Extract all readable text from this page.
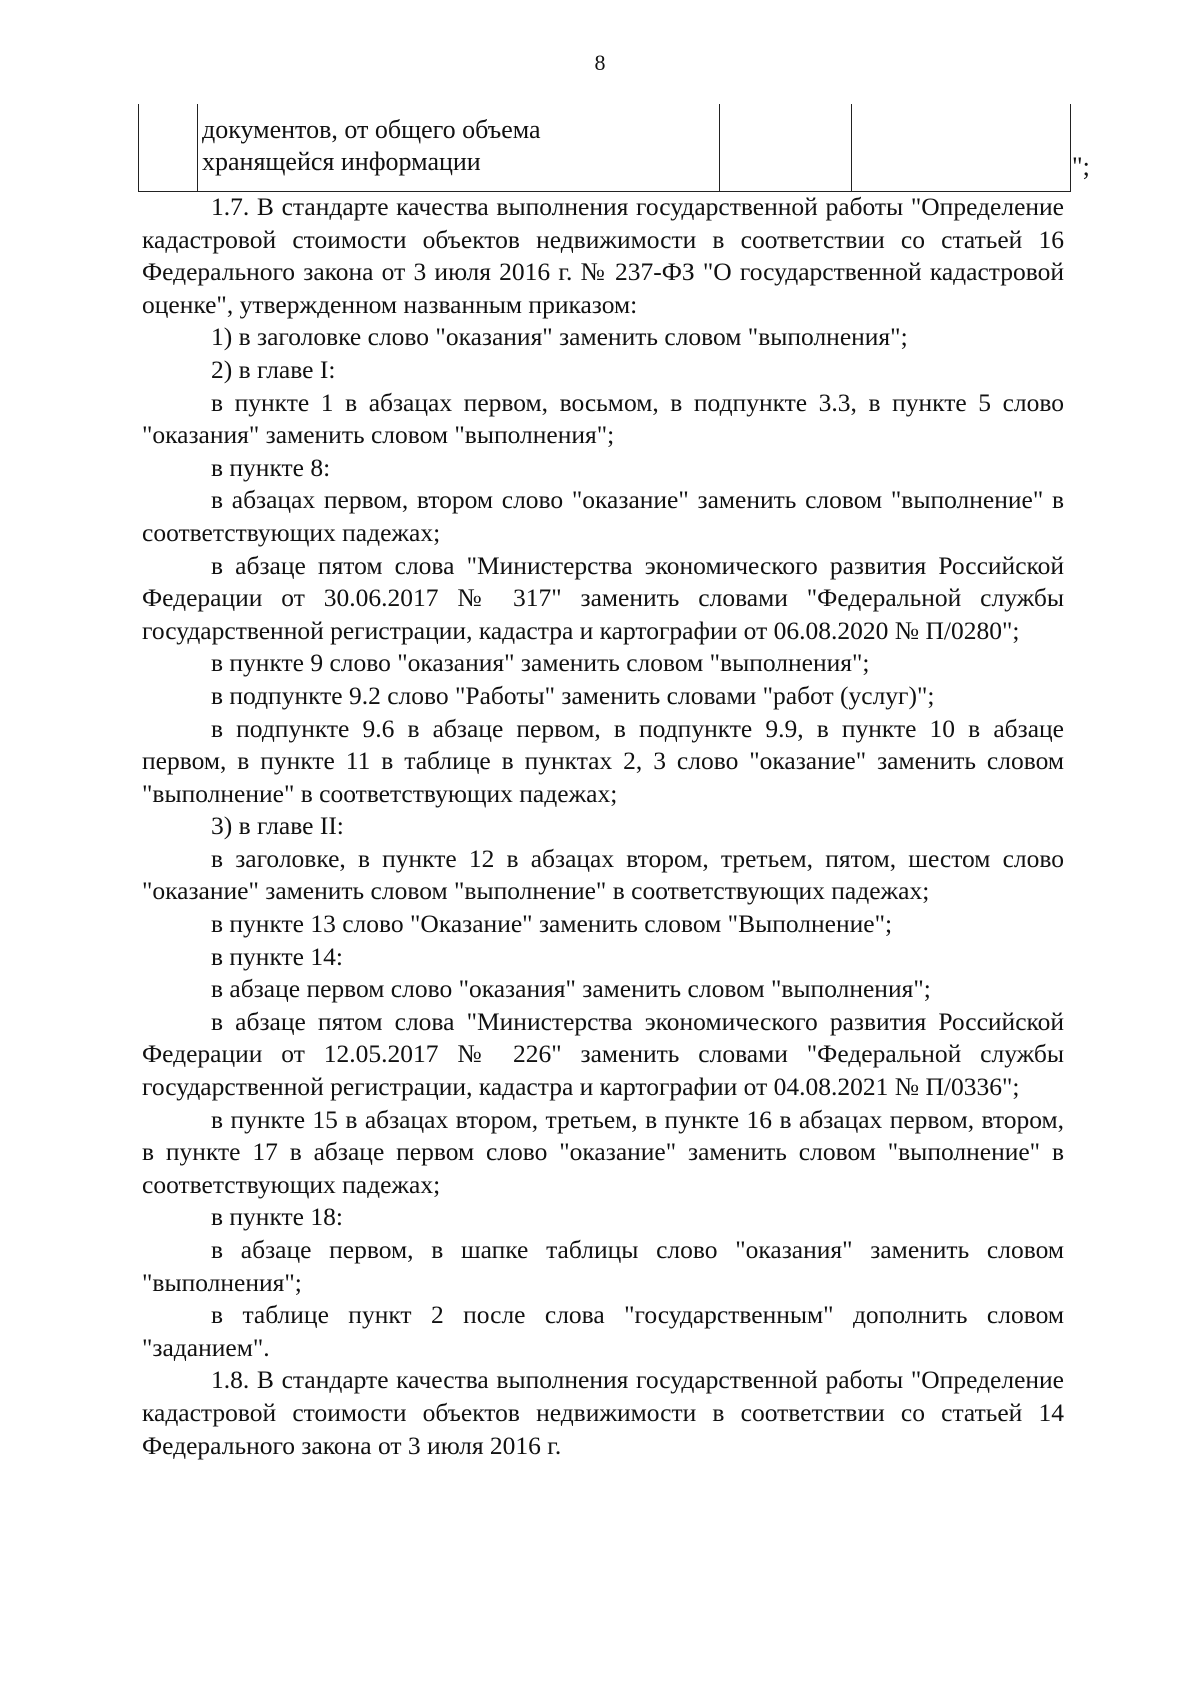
8

документов, от общего объема
хранящейся информации
			";

1.7. В стандарте качества выполнения государственной работы "Определение кадастровой стоимости объектов недвижимости в соответствии со статьей 16 Федерального закона от 3 июля 2016 г. № 237-ФЗ "О государственной кадастровой оценке", утвержденном названным приказом:

1) в заголовке слово "оказания" заменить словом "выполнения";

2) в главе I:

в пункте 1 в абзацах первом, восьмом, в подпункте 3.3, в пункте 5 слово "оказания" заменить словом "выполнения";

в пункте 8:

в абзацах первом, втором слово "оказание" заменить словом "выполнение" в соответствующих падежах;

в абзаце пятом слова "Министерства экономического развития Российской Федерации от 30.06.2017 № 317" заменить словами "Федеральной службы государственной регистрации, кадастра и картографии от 06.08.2020 № П/0280";

в пункте 9 слово "оказания" заменить словом "выполнения";

в подпункте 9.2 слово "Работы" заменить словами "работ (услуг)";

в подпункте 9.6 в абзаце первом, в подпункте 9.9, в пункте 10 в абзаце первом, в пункте 11 в таблице в пунктах 2, 3 слово "оказание" заменить словом "выполнение" в соответствующих падежах;

3) в главе II:

в заголовке, в пункте 12 в абзацах втором, третьем, пятом, шестом слово "оказание" заменить словом "выполнение" в соответствующих падежах;

в пункте 13 слово "Оказание" заменить словом "Выполнение";

в пункте 14:

в абзаце первом слово "оказания" заменить словом "выполнения";

в абзаце пятом слова "Министерства экономического развития Российской Федерации от 12.05.2017 № 226" заменить словами "Федеральной службы государственной регистрации, кадастра и картографии от 04.08.2021 № П/0336";

в пункте 15 в абзацах втором, третьем, в пункте 16 в абзацах первом, втором, в пункте 17 в абзаце первом слово "оказание" заменить словом "выполнение" в соответствующих падежах;

в пункте 18:

в абзаце первом, в шапке таблицы слово "оказания" заменить словом "выполнения";

в таблице пункт 2 после слова "государственным" дополнить словом "заданием".

1.8. В стандарте качества выполнения государственной работы "Определение кадастровой стоимости объектов недвижимости в соответствии со статьей 14 Федерального закона от 3 июля 2016 г.
